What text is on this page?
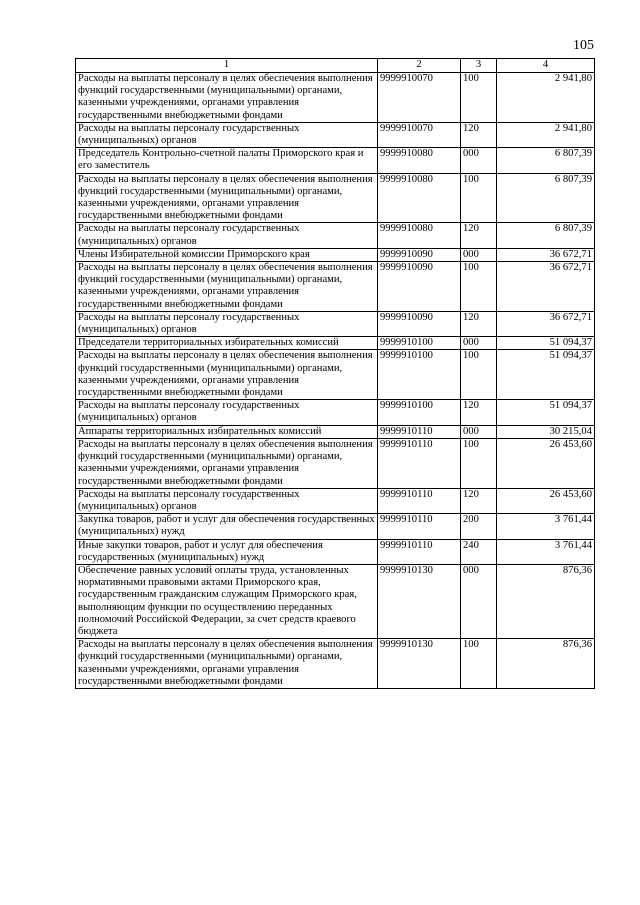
105
1	2	3	4
Расходы на выплаты персоналу в целях обеспечения выполнения функций государственными (муниципальными) органами, казенными учреждениями, органами управления государственными внебюджетными фондами	9999910070	100	2 941,80
Расходы на выплаты персоналу государственных (муниципальных) органов	9999910070	120	2 941,80
Председатель Контрольно-счетной палаты Приморского края и его заместитель	9999910080	000	6 807,39
Расходы на выплаты персоналу в целях обеспечения выполнения функций государственными (муниципальными) органами, казенными учреждениями, органами управления государственными внебюджетными фондами	9999910080	100	6 807,39
Расходы на выплаты персоналу государственных (муниципальных) органов	9999910080	120	6 807,39
Члены Избирательной комиссии Приморского края	9999910090	000	36 672,71
Расходы на выплаты персоналу в целях обеспечения выполнения функций государственными (муниципальными) органами, казенными учреждениями, органами управления государственными внебюджетными фондами	9999910090	100	36 672,71
Расходы на выплаты персоналу государственных (муниципальных) органов	9999910090	120	36 672,71
Председатели территориальных избирательных комиссий	9999910100	000	51 094,37
Расходы на выплаты персоналу в целях обеспечения выполнения функций государственными (муниципальными) органами, казенными учреждениями, органами управления государственными внебюджетными фондами	9999910100	100	51 094,37
Расходы на выплаты персоналу государственных (муниципальных) органов	9999910100	120	51 094,37
Аппараты территориальных избирательных комиссий	9999910110	000	30 215,04
Расходы на выплаты персоналу в целях обеспечения выполнения функций государственными (муниципальными) органами, казенными учреждениями, органами управления государственными внебюджетными фондами	9999910110	100	26 453,60
Расходы на выплаты персоналу государственных (муниципальных) органов	9999910110	120	26 453,60
Закупка товаров, работ и услуг для обеспечения государственных (муниципальных) нужд	9999910110	200	3 761,44
Иные закупки товаров, работ и услуг для обеспечения государственных (муниципальных) нужд	9999910110	240	3 761,44
Обеспечение равных условий оплаты труда, установленных нормативными правовыми актами Приморского края, государственным гражданским служащим Приморского края, выполняющим функции по осуществлению переданных полномочий Российской Федерации, за счет средств краевого бюджета	9999910130	000	876,36
Расходы на выплаты персоналу в целях обеспечения выполнения функций государственными (муниципальными) органами, казенными учреждениями, органами управления государственными внебюджетными фондами	9999910130	100	876,36
